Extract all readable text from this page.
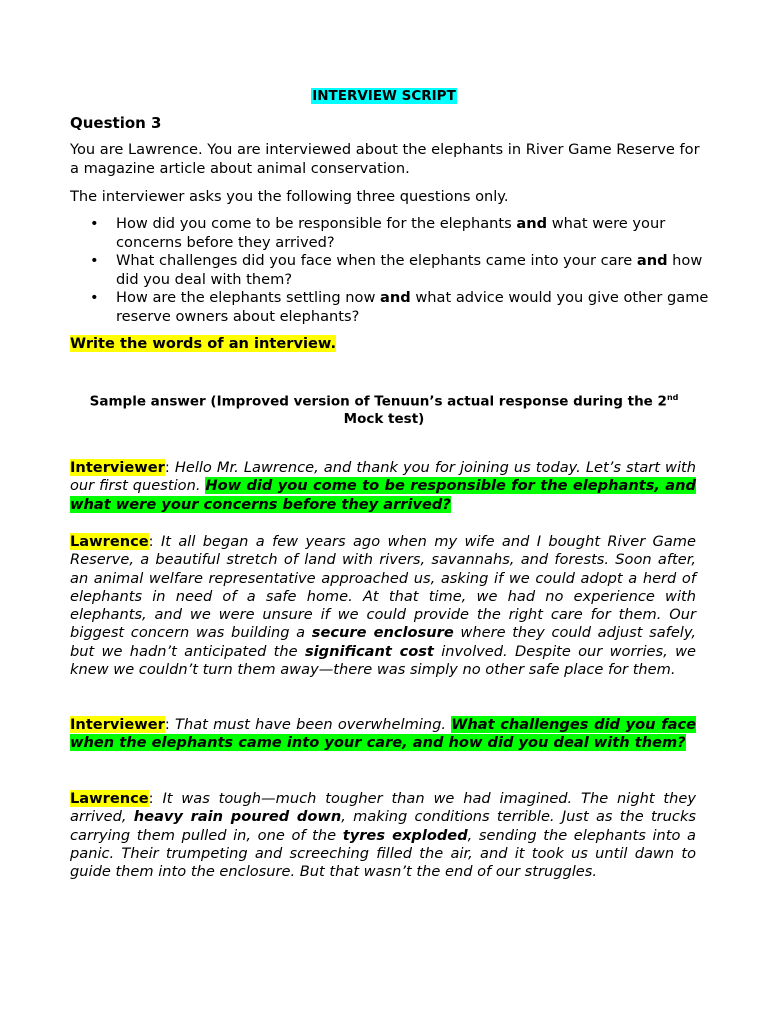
INTERVIEW SCRIPT
Question 3

You are Lawrence. You are interviewed about the elephants in River Game Reserve for a magazine article about animal conservation.

The interviewer asks you the following three questions only.

• How did you come to be responsible for the elephants and what were your concerns before they arrived?
• What challenges did you face when the elephants came into your care and how did you deal with them?
• How are the elephants settling now and what advice would you give other game reserve owners about elephants?
Write the words of an interview.
Sample answer (Improved version of Tenuun’s actual response during the 2nd
Mock test)

Interviewer: Hello Mr. Lawrence, and thank you for joining us today. Let’s start with our first question. How did you come to be responsible for the elephants, and what were your concerns before they arrived?

Lawrence: It all began a few years ago when my wife and I bought River Game Reserve, a beautiful stretch of land with rivers, savannahs, and forests. Soon after, an animal welfare representative approached us, asking if we could adopt a herd of elephants in need of a safe home. At that time, we had no experience with elephants, and we were unsure if we could provide the right care for them. Our biggest concern was building a secure enclosure where they could adjust safely, but we hadn’t anticipated the significant cost involved. Despite our worries, we knew we couldn’t turn them away—there was simply no other safe place for them.

Interviewer: That must have been overwhelming. What challenges did you face when the elephants came into your care, and how did you deal with them?

Lawrence: It was tough—much tougher than we had imagined. The night they arrived, heavy rain poured down, making conditions terrible. Just as the trucks carrying them pulled in, one of the tyres exploded, sending the elephants into a panic. Their trumpeting and screeching filled the air, and it took us until dawn to guide them into the enclosure. But that wasn’t the end of our struggles.
